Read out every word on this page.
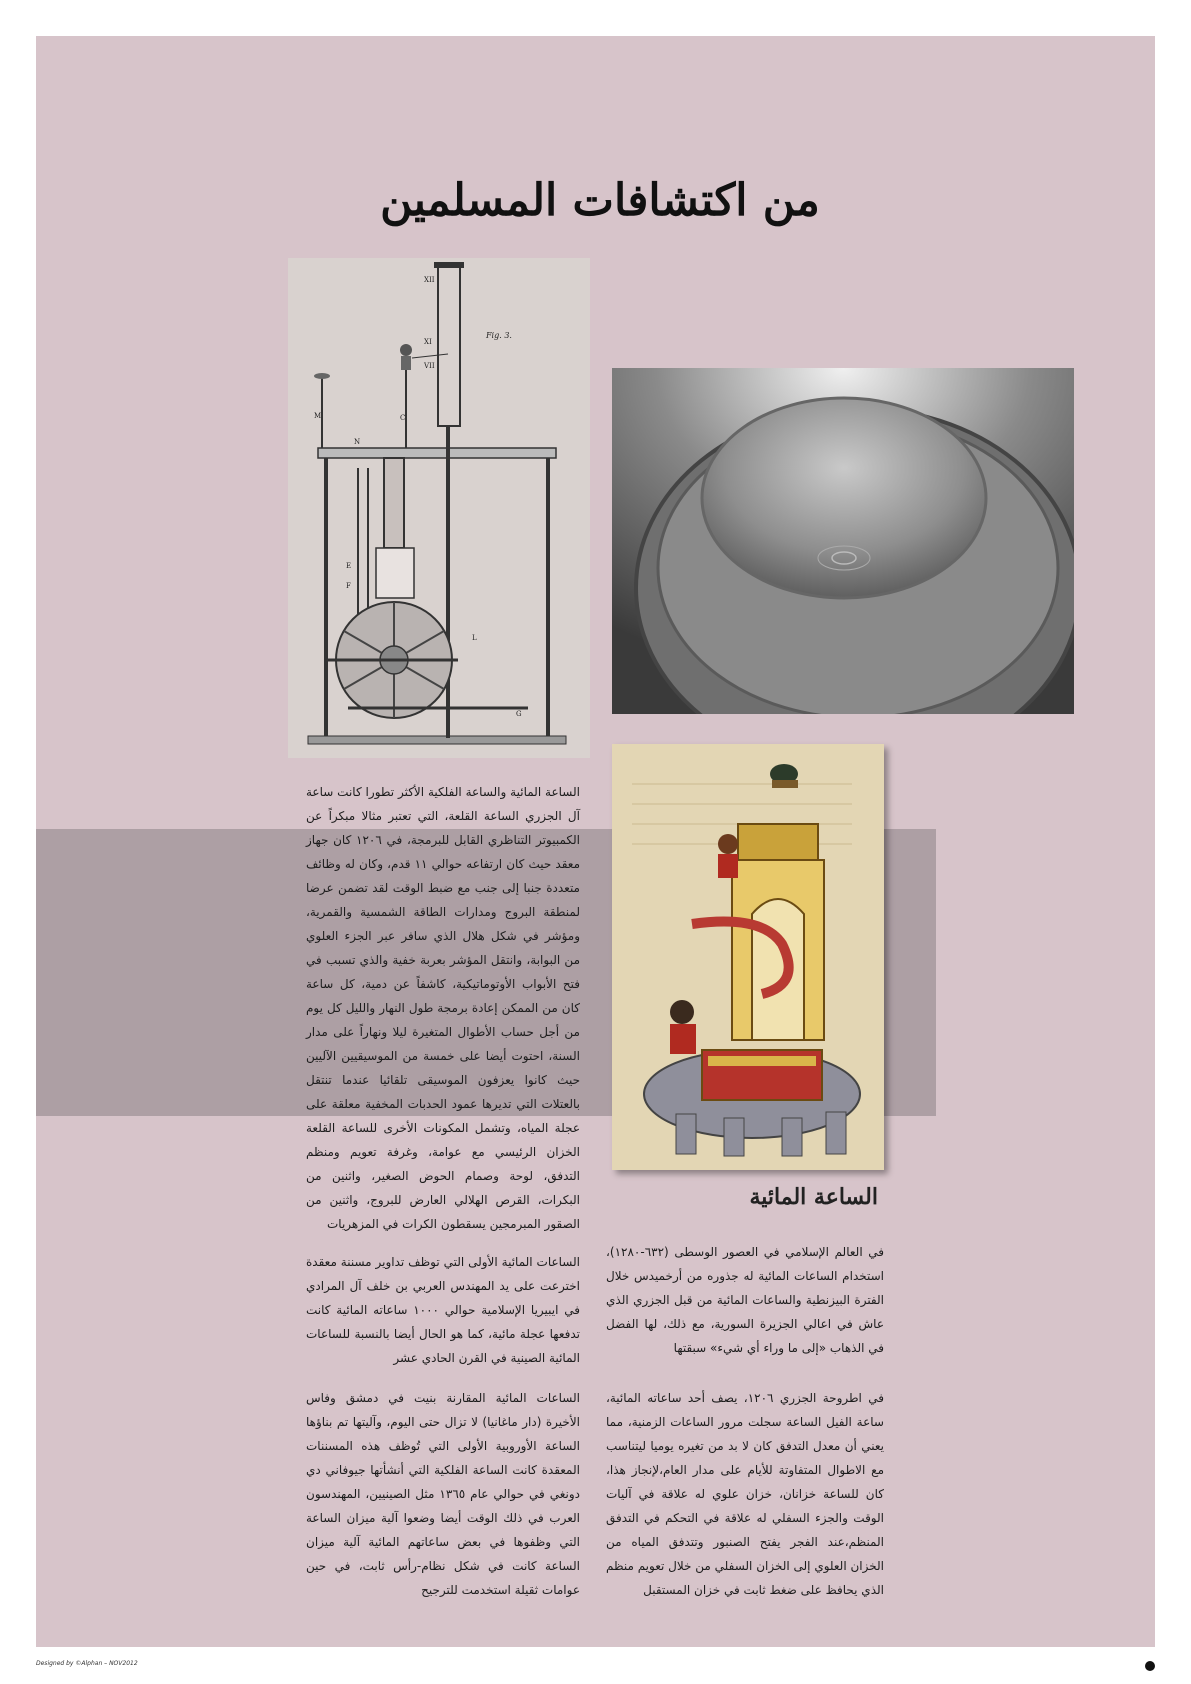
من اكتشافات المسلمين
XII
XI
VII
M
N
C
F
E
L
G
Fig. 3.

الساعة المائية والساعة الفلكية الأكثر تطورا كانت ساعة آل الجزري الساعة القلعة، التي تعتبر مثالا مبكراً عن الكمبيوتر التناظري القابل للبرمجة، في ١٢٠٦ كان جهاز معقد حيث كان ارتفاعه حوالي ١١ قدم، وكان له وظائف متعددة جنبا إلى جنب مع ضبط الوقت لقد تضمن عرضا لمنطقة البروج ومدارات الطاقة الشمسية والقمرية، ومؤشر في شكل هلال الذي سافر عبر الجزء العلوي من البوابة، وانتقل المؤشر بعربة خفية والذي تسبب في فتح الأبواب الأوتوماتيكية، كاشفاً عن دمية، كل ساعة كان من الممكن إعادة برمجة طول النهار والليل كل يوم من أجل حساب الأطوال المتغيرة ليلا ونهاراً على مدار السنة، احتوت أيضا على خمسة من الموسيقيين الآليين حيث كانوا يعزفون الموسيقى تلقائيا عندما تنتقل بالعتلات التي تديرها عمود الحدبات المخفية معلقة على عجلة المياه، وتشمل المكونات الأخرى للساعة القلعة الخزان الرئيسي مع عوامة، وغرفة تعويم ومنظم التدفق، لوحة وصمام الحوض الصغير، واثنين من البكرات، القرص الهلالي العارض للبروج، واثنين من الصقور المبرمجين يسقطون الكرات في المزهريات

الساعات المائية الأولى التي توظف تداوير مسننة معقدة اخترعت على يد المهندس العربي بن خلف آل المرادي في ايبيريا الإسلامية حوالي ١٠٠٠ ساعاته المائية كانت تدفعها عجلة مائية، كما هو الحال أيضا بالنسبة للساعات المائية الصينية في القرن الحادي عشر

الساعات المائية المقارنة بنيت في دمشق وفاس الأخيرة (دار ماغانيا) لا تزال حتى اليوم، وآليتها تم بناؤها الساعة الأوروبية الأولى التي تُوظف هذه المسننات المعقدة كانت الساعة الفلكية التي أنشأتها جيوفاني دي دونغي في حوالي عام ١٣٦٥ مثل الصينيين، المهندسون العرب في ذلك الوقت أيضا وضعوا آلية ميزان الساعة التي وظفوها في بعض ساعاتهم المائية آلية ميزان الساعة كانت في شكل نظام-رأس ثابت، في حين عوامات ثقيلة استخدمت للترجيح

الساعة المائية

في العالم الإسلامي في العصور الوسطى (٦٣٢-١٢٨٠)، استخدام الساعات المائية له جذوره من أرخميدس خلال الفترة البيزنطية والساعات المائية من قبل الجزري الذي عاش في اعالي الجزيرة السورية، مع ذلك، لها الفضل في الذهاب «إلى ما وراء أي شيء» سبقتها

في اطروحة الجزري ١٢٠٦، يصف أحد ساعاته المائية، ساعة الفيل الساعة سجلت مرور الساعات الزمنية، مما يعني أن معدل التدفق كان لا بد من تغيره يوميا ليتناسب مع الاطوال المتفاوتة للأيام على مدار العام،لإنجاز هذا، كان للساعة خزانان، خزان علوي له علاقة في آليات الوقت والجزء السفلي له علاقة في التحكم في التدفق المنظم،عند الفجر يفتح الصنبور وتتدفق المياه من الخزان العلوي إلى الخزان السفلي من خلال تعويم منظم الذي يحافظ على ضغط ثابت في خزان المستقبل

Designed by ©Alphan – NOV2012
